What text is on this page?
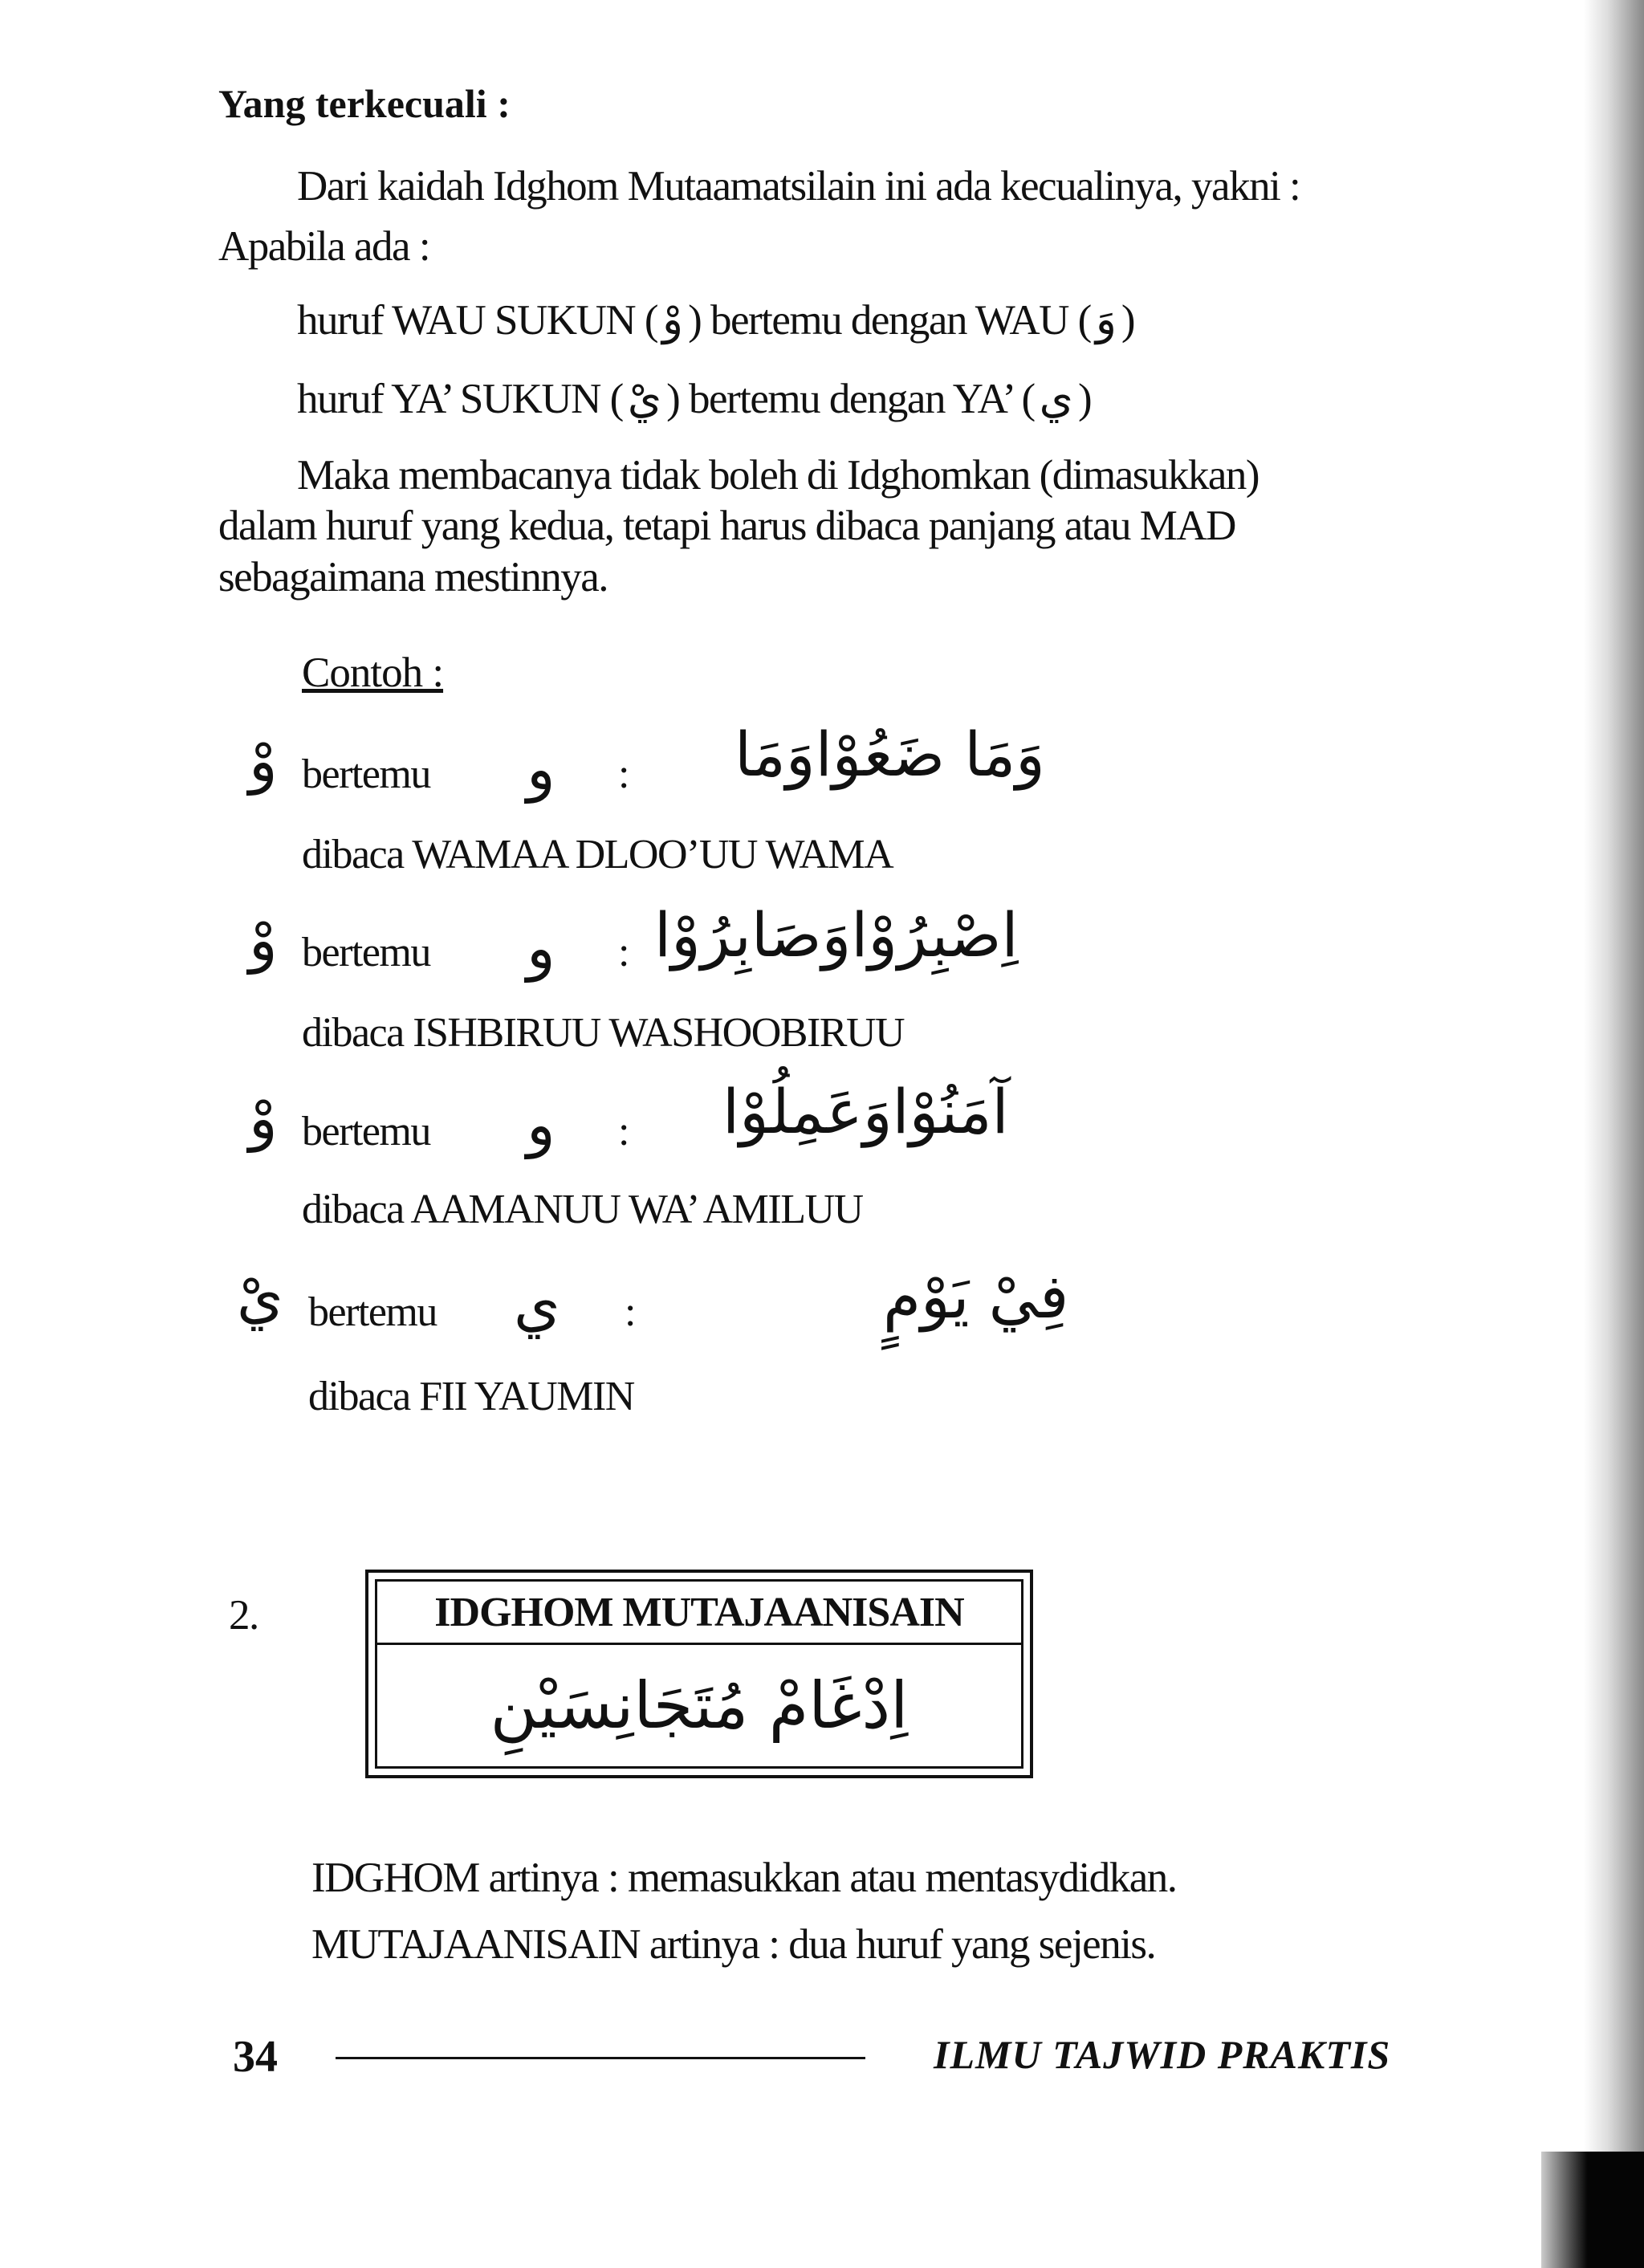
Yang terkecuali :
Dari kaidah Idghom Mutaamatsilain ini ada kecualinya, yakni :
Apabila ada :
huruf WAU SUKUN ( وْ ) bertemu dengan WAU ( وَ )
huruf YA’ SUKUN ( يْ ) bertemu dengan YA’ ( ي )
Maka membacanya tidak boleh di Idghomkan (dimasukkan)
dalam huruf yang kedua, tetapi harus dibaca panjang atau MAD
sebagaimana mestinnya.
Contoh :
وْ bertemu و : وَمَا ضَعُوْاوَمَا
dibaca WAMAA DLOO’UU WAMA
وْ bertemu و : اِصْبِرُوْاوَصَابِرُوْا
dibaca ISHBIRUU WASHOOBIRUU
وْ bertemu و : آمَنُوْاوَعَمِلُوْا
dibaca AAMANUU WA’ AMILUU
يْ bertemu ي :	فِيْ يَوْمٍ
dibaca FII YAUMIN
2.	IDGHOM MUTAJAANISAIN
اِدْغَامْ مُتَجَانِسَيْنِ
IDGHOM artinya : memasukkan atau mentasydidkan.
MUTAJAANISAIN artinya : dua huruf yang sejenis.
34	ILMU TAJWID PRAKTIS
